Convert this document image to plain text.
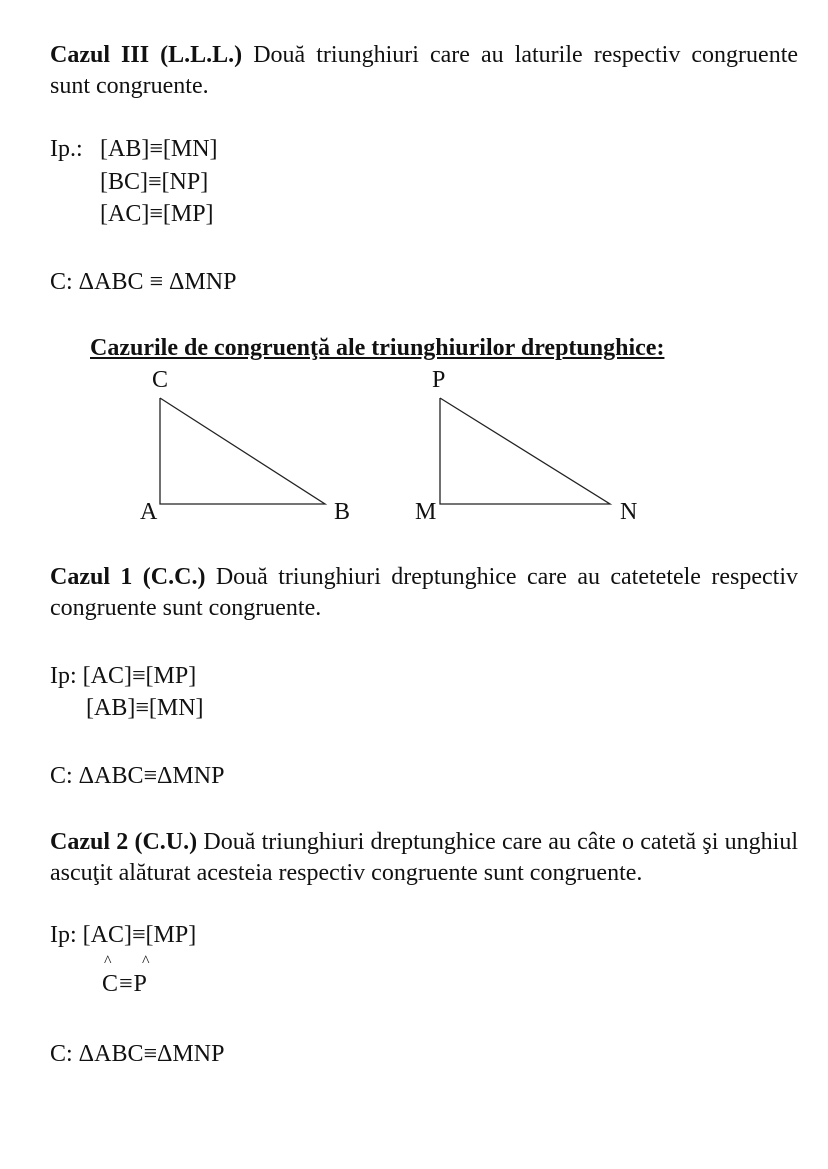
Cazul III (L.L.L.) Două triunghiuri care au laturile respectiv congruente sunt congruente.
Ip.: [AB]≡[MN]
[BC]≡[NP]
[AC]≡[MP]
C: ΔABC ≡ ΔMNP
Cazurile de congruenţă ale triunghiurilor dreptunghice:
C
A	B
P
M	N
Cazul 1 (C.C.) Două triunghiuri dreptunghice care au catetetele respectiv congruente sunt congruente.
Ip: [AC]≡[MP]
[AB]≡[MN]
C: ΔABC≡ΔMNP
Cazul 2 (C.U.) Două triunghiuri dreptunghice care au câte o catetă şi unghiul ascuţit alăturat acesteia respectiv congruente sunt congruente.
Ip: [AC]≡[MP]
^ ^
C≡P
C: ΔABC≡ΔMNP
